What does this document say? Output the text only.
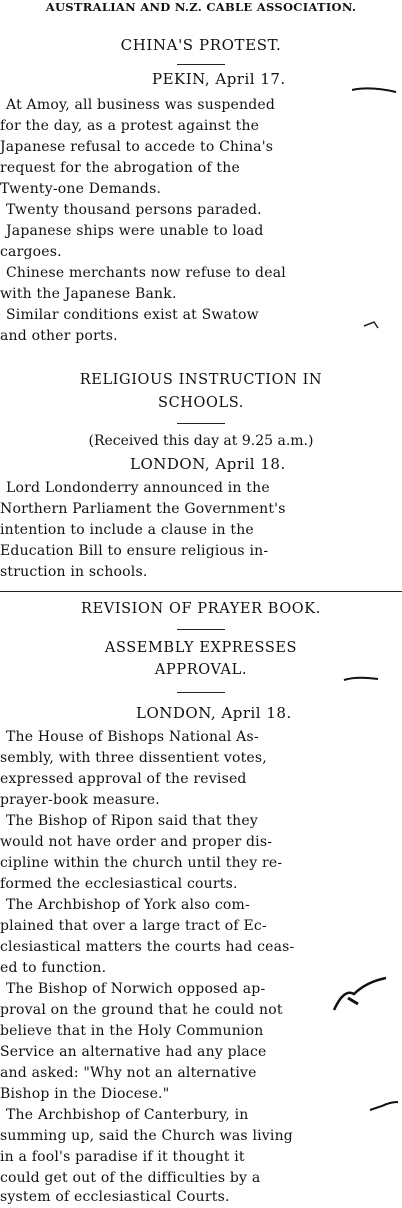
AUSTRALIAN AND N.Z. CABLE ASSOCIATION.
CHINA'S PROTEST.
PEKIN, April 17.
At Amoy, all business was suspended
for the day, as a protest against the
Japanese refusal to accede to China's
request for the abrogation of the
Twenty-one Demands.
Twenty thousand persons paraded.
Japanese ships were unable to load
cargoes.
Chinese merchants now refuse to deal
with the Japanese Bank.
Similar conditions exist at Swatow
and other ports.
RELIGIOUS INSTRUCTION IN
SCHOOLS.
(Received this day at 9.25 a.m.)
LONDON, April 18.
Lord Londonderry announced in the
Northern Parliament the Government's
intention to include a clause in the
Education Bill to ensure religious in-
struction in schools.
REVISION OF PRAYER BOOK.
ASSEMBLY EXPRESSES
APPROVAL.
LONDON, April 18.
The House of Bishops National As-
sembly, with three dissentient votes,
expressed approval of the revised
prayer-book measure.
The Bishop of Ripon said that they
would not have order and proper dis-
cipline within the church until they re-
formed the ecclesiastical courts.
The Archbishop of York also com-
plained that over a large tract of Ec-
clesiastical matters the courts had ceas-
ed to function.
The Bishop of Norwich opposed ap-
proval on the ground that he could not
believe that in the Holy Communion
Service an alternative had any place
and asked: "Why not an alternative
Bishop in the Diocese."
The Archbishop of Canterbury, in
summing up, said the Church was living
in a fool's paradise if it thought it
could get out of the difficulties by a
system of ecclesiastical Courts.
